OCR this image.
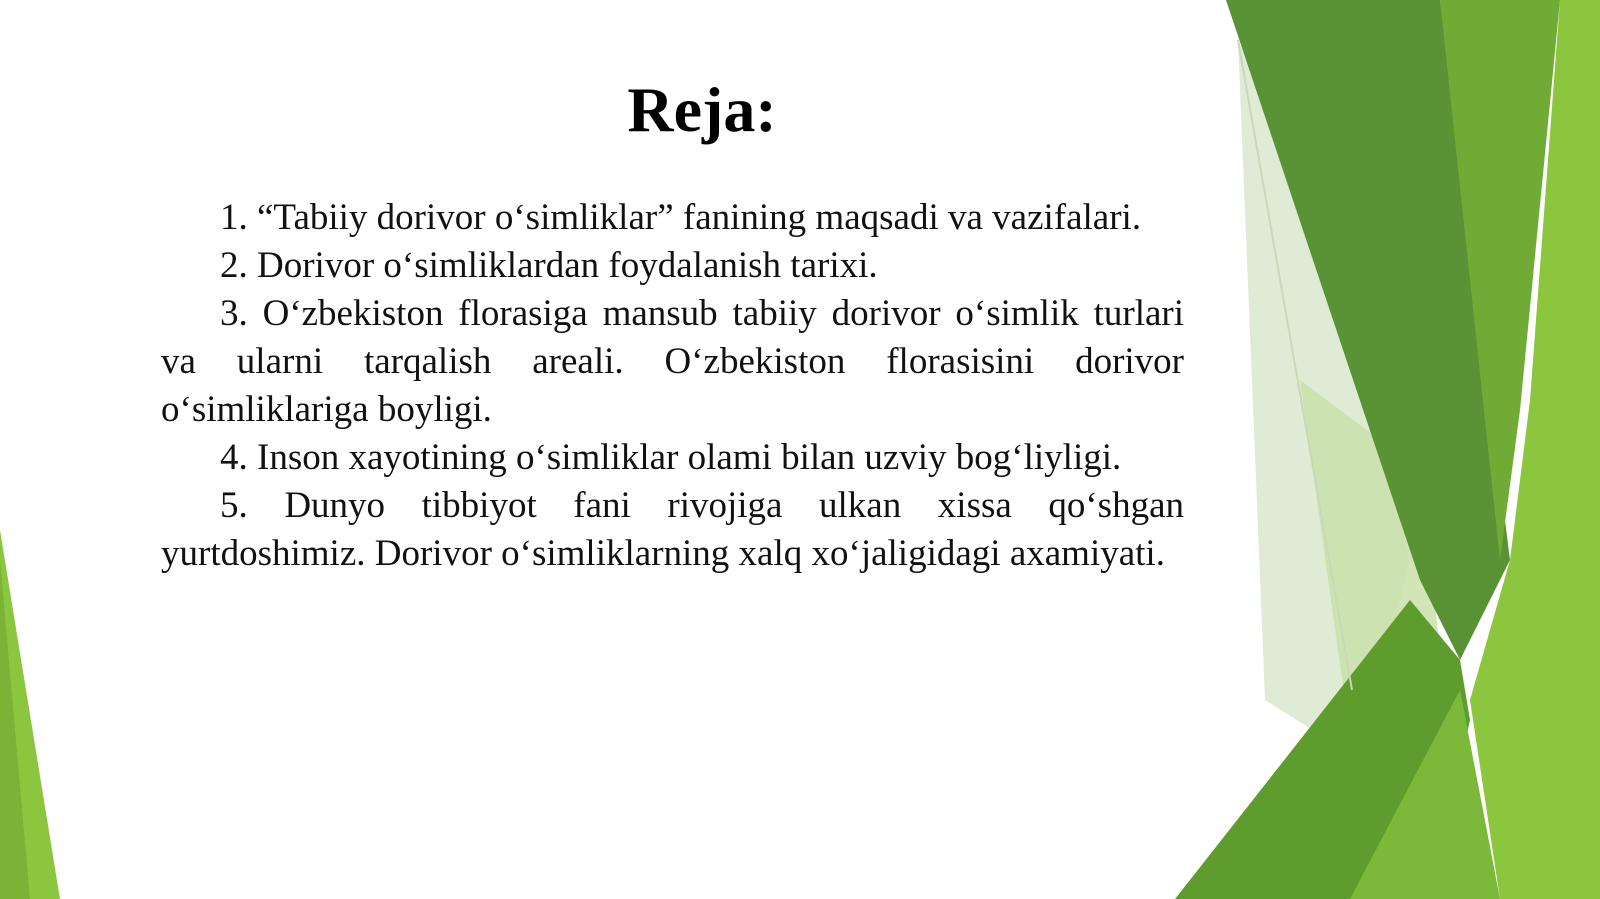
Reja:
1. “Tabiiy dorivor o‘simliklar” fanining maqsadi va vazifalari.
2. Dorivor o‘simliklardan foydalanish tarixi.
3. O‘zbekiston florasiga mansub tabiiy dorivor o‘simlik turlari va ularni tarqalish areali. O‘zbekiston florasisini dorivor o‘simliklariga boyligi.
4. Inson xayotining o‘simliklar olami bilan uzviy bog‘liyligi.
5. Dunyo tibbiyot fani rivojiga ulkan xissa qo‘shgan yurtdoshimiz. Dorivor o‘simliklarning xalq xo‘jaligidagi axamiyati.
